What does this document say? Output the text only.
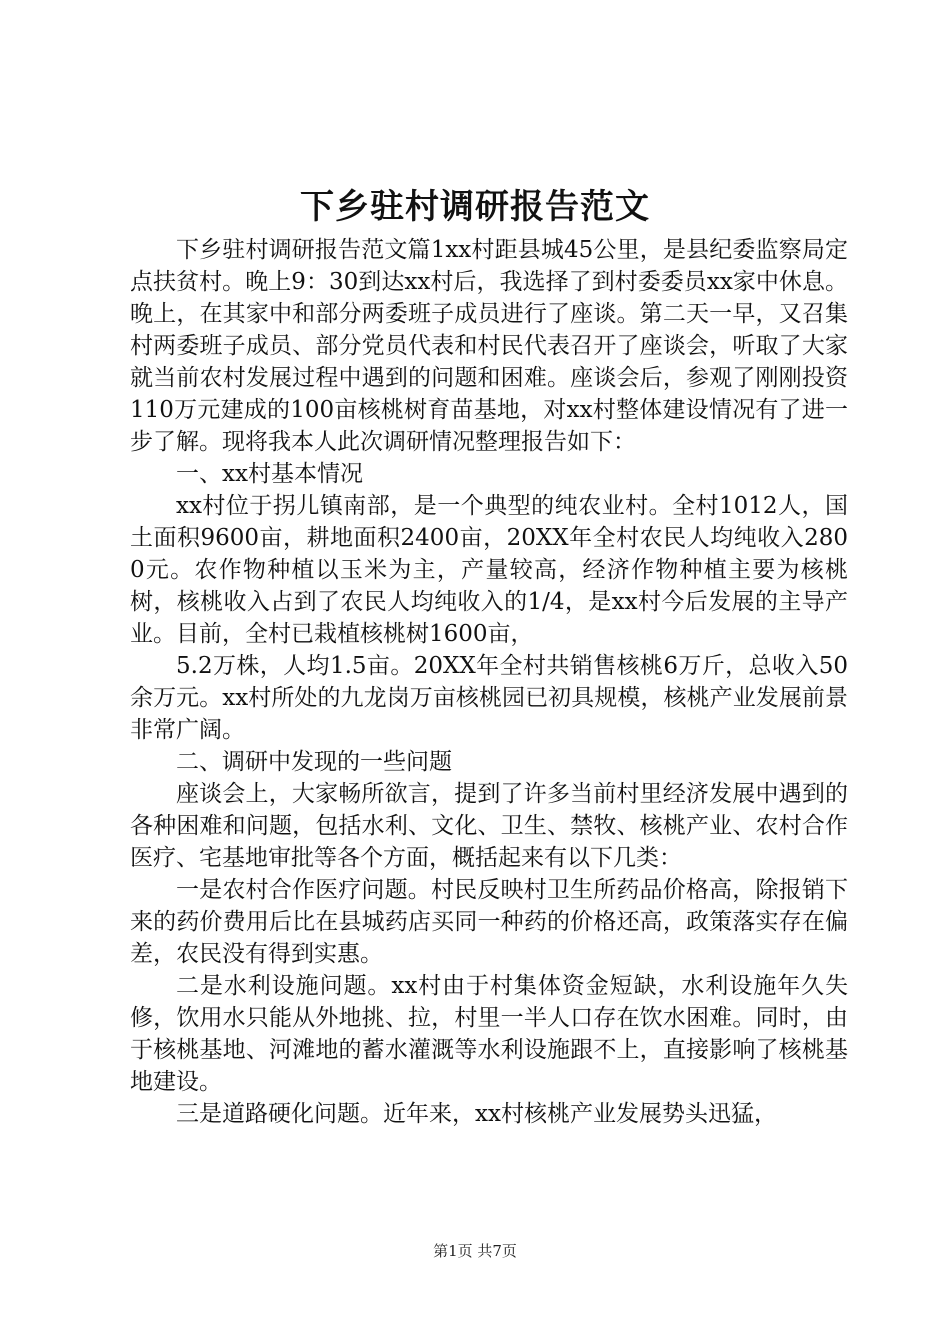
下乡驻村调研报告范文

下乡驻村调研报告范文篇1xx村距县城45公里，是县纪委监察局定点扶贫村。晚上9：30到达xx村后，我选择了到村委委员xx家中休息。晚上，在其家中和部分两委班子成员进行了座谈。第二天一早，又召集村两委班子成员、部分党员代表和村民代表召开了座谈会，听取了大家就当前农村发展过程中遇到的问题和困难。座谈会后，参观了刚刚投资110万元建成的100亩核桃树育苗基地，对xx村整体建设情况有了进一步了解。现将我本人此次调研情况整理报告如下：

一、xx村基本情况

xx村位于拐儿镇南部，是一个典型的纯农业村。全村1012人，国土面积9600亩，耕地面积2400亩，20XX年全村农民人均纯收入2800元。农作物种植以玉米为主，产量较高，经济作物种植主要为核桃树，核桃收入占到了农民人均纯收入的1/4，是xx村今后发展的主导产业。目前，全村已栽植核桃树1600亩，

5.2万株，人均1.5亩。20XX年全村共销售核桃6万斤，总收入50余万元。xx村所处的九龙岗万亩核桃园已初具规模，核桃产业发展前景非常广阔。

二、调研中发现的一些问题

座谈会上，大家畅所欲言，提到了许多当前村里经济发展中遇到的各种困难和问题，包括水利、文化、卫生、禁牧、核桃产业、农村合作医疗、宅基地审批等各个方面，概括起来有以下几类：

一是农村合作医疗问题。村民反映村卫生所药品价格高，除报销下来的药价费用后比在县城药店买同一种药的价格还高，政策落实存在偏差，农民没有得到实惠。

二是水利设施问题。xx村由于村集体资金短缺，水利设施年久失修，饮用水只能从外地挑、拉，村里一半人口存在饮水困难。同时，由于核桃基地、河滩地的蓄水灌溉等水利设施跟不上，直接影响了核桃基地建设。

三是道路硬化问题。近年来，xx村核桃产业发展势头迅猛，

第1页 共7页
